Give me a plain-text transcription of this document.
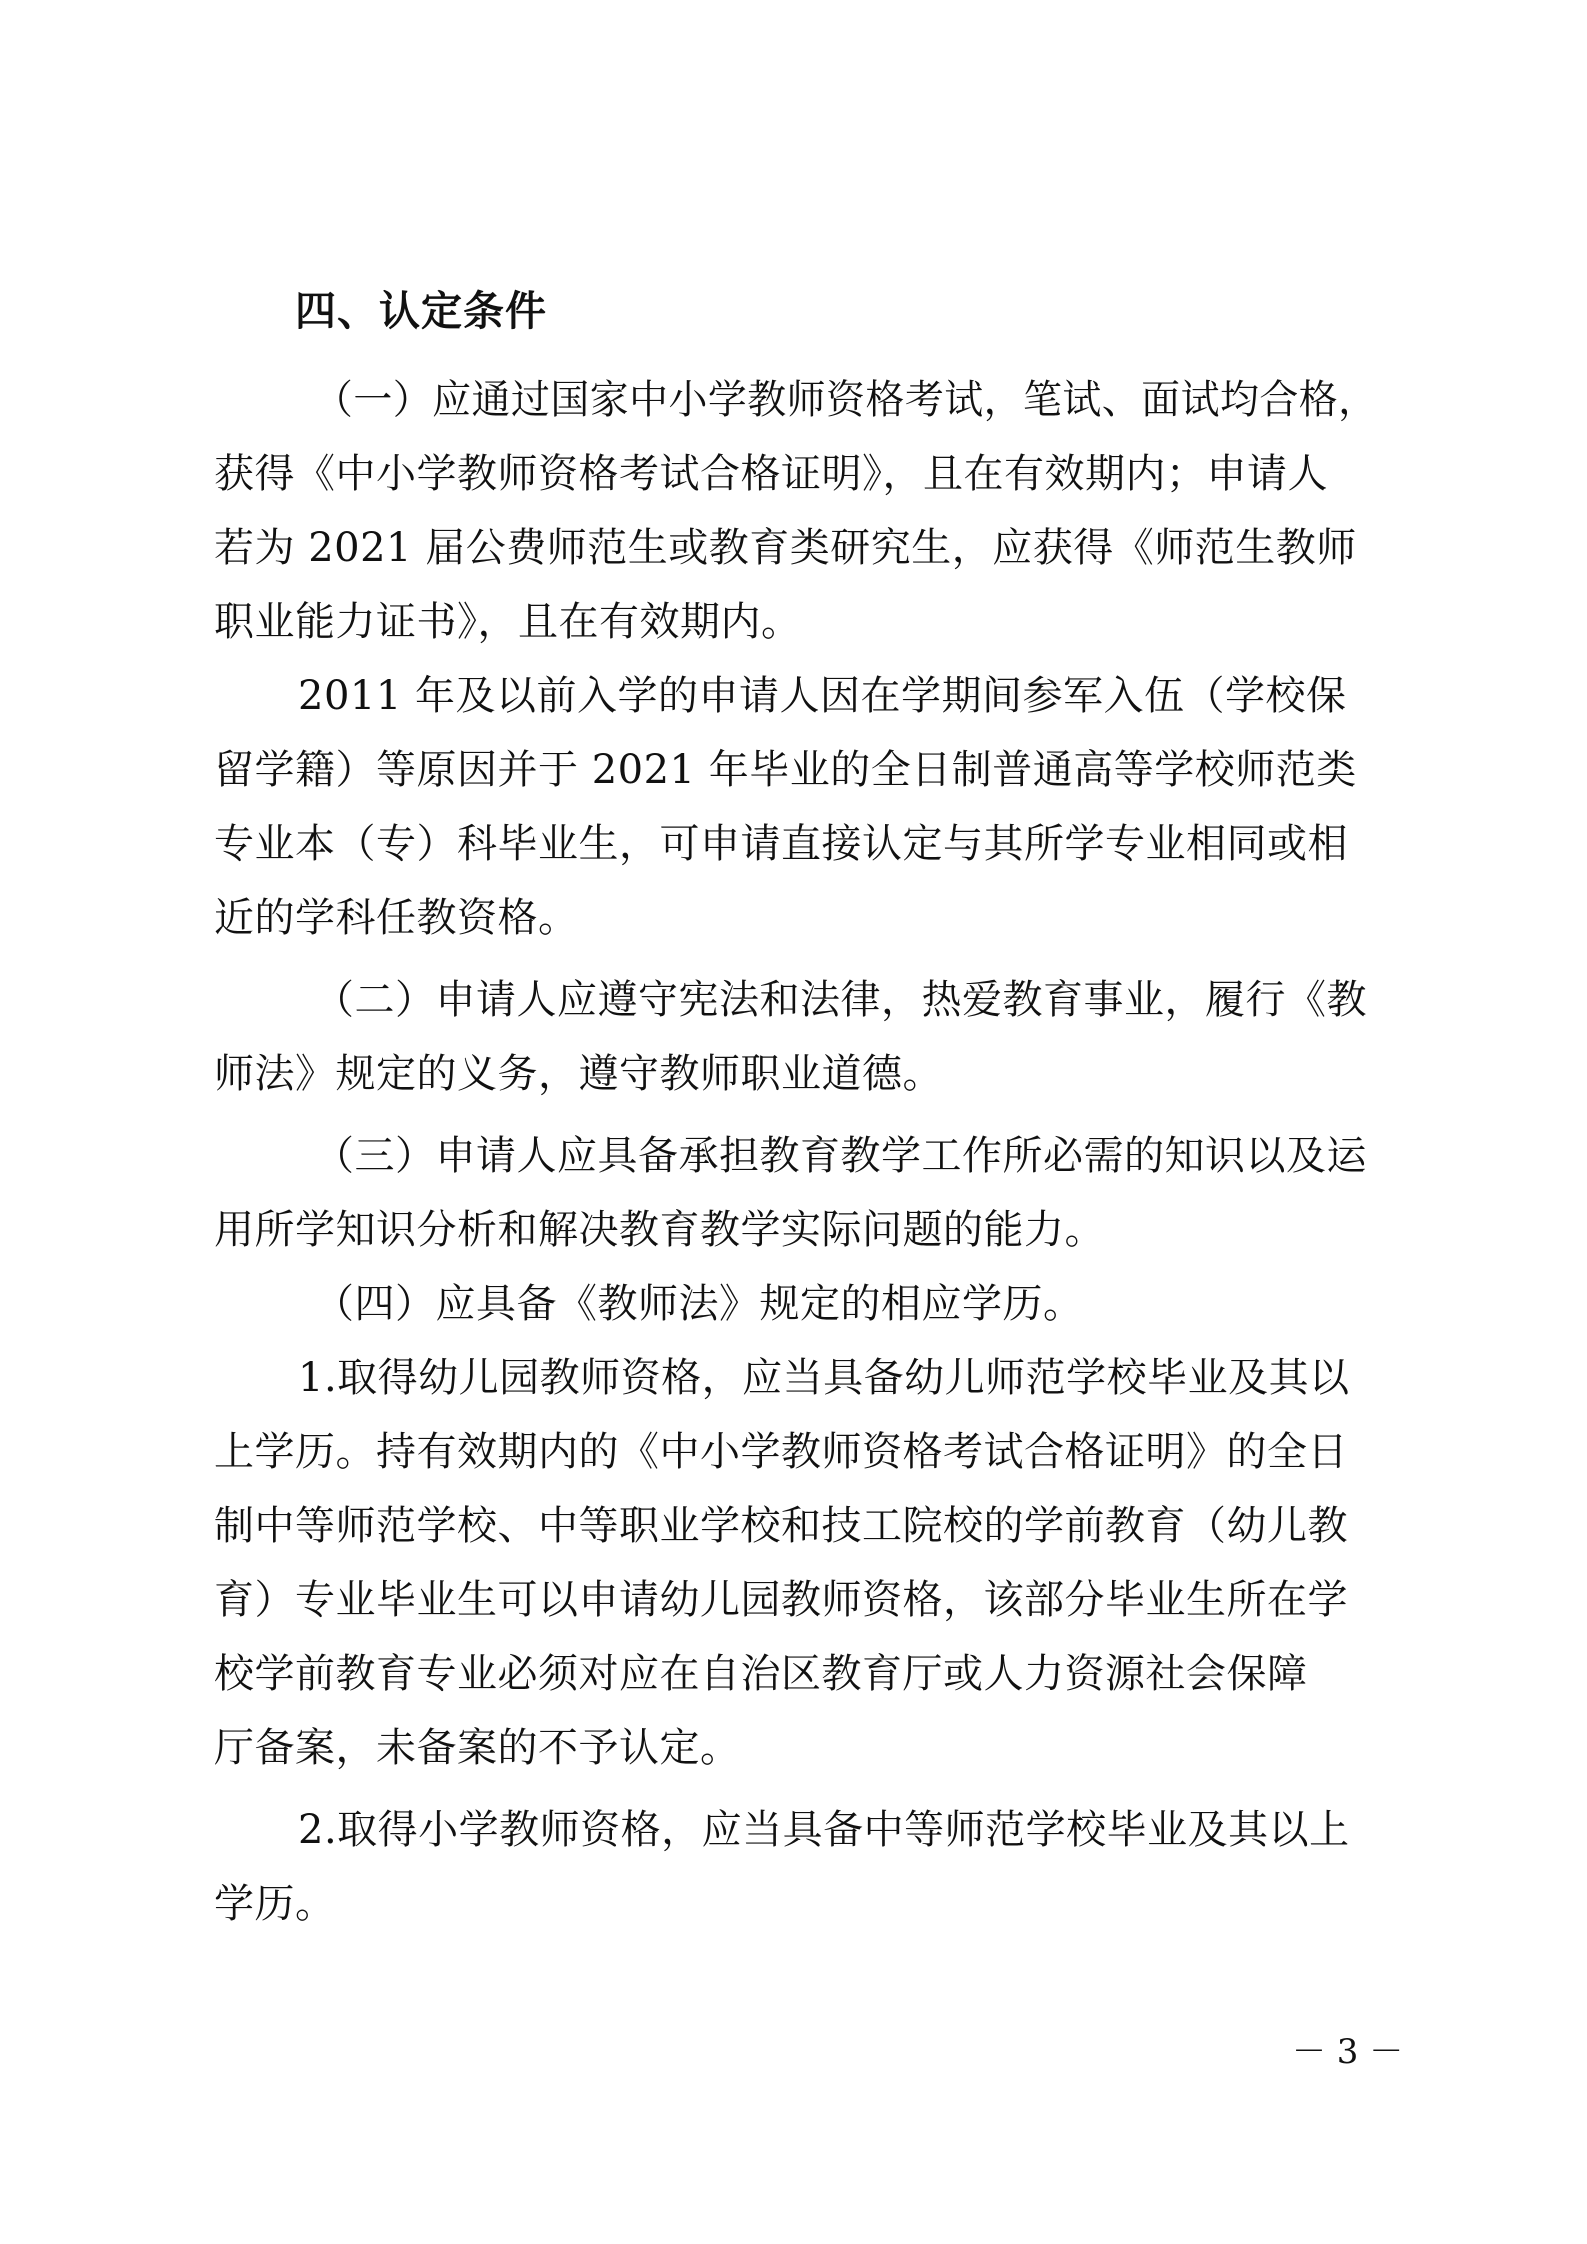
四、认定条件
（一）应通过国家中小学教师资格考试，笔试、面试均合格，
获得《中小学教师资格考试合格证明》，且在有效期内；申请人
若为 2021 届公费师范生或教育类研究生，应获得《师范生教师
职业能力证书》，且在有效期内。
2011 年及以前入学的申请人因在学期间参军入伍（学校保
留学籍）等原因并于 2021 年毕业的全日制普通高等学校师范类
专业本（专）科毕业生，可申请直接认定与其所学专业相同或相
近的学科任教资格。
（二）申请人应遵守宪法和法律，热爱教育事业，履行《教
师法》规定的义务，遵守教师职业道德。
（三）申请人应具备承担教育教学工作所必需的知识以及运
用所学知识分析和解决教育教学实际问题的能力。
（四）应具备《教师法》规定的相应学历。
1.取得幼儿园教师资格，应当具备幼儿师范学校毕业及其以
上学历。持有效期内的《中小学教师资格考试合格证明》的全日
制中等师范学校、中等职业学校和技工院校的学前教育（幼儿教
育）专业毕业生可以申请幼儿园教师资格，该部分毕业生所在学
校学前教育专业必须对应在自治区教育厅或人力资源社会保障
厅备案，未备案的不予认定。
2.取得小学教师资格，应当具备中等师范学校毕业及其以上
学历。
－ 3 －
